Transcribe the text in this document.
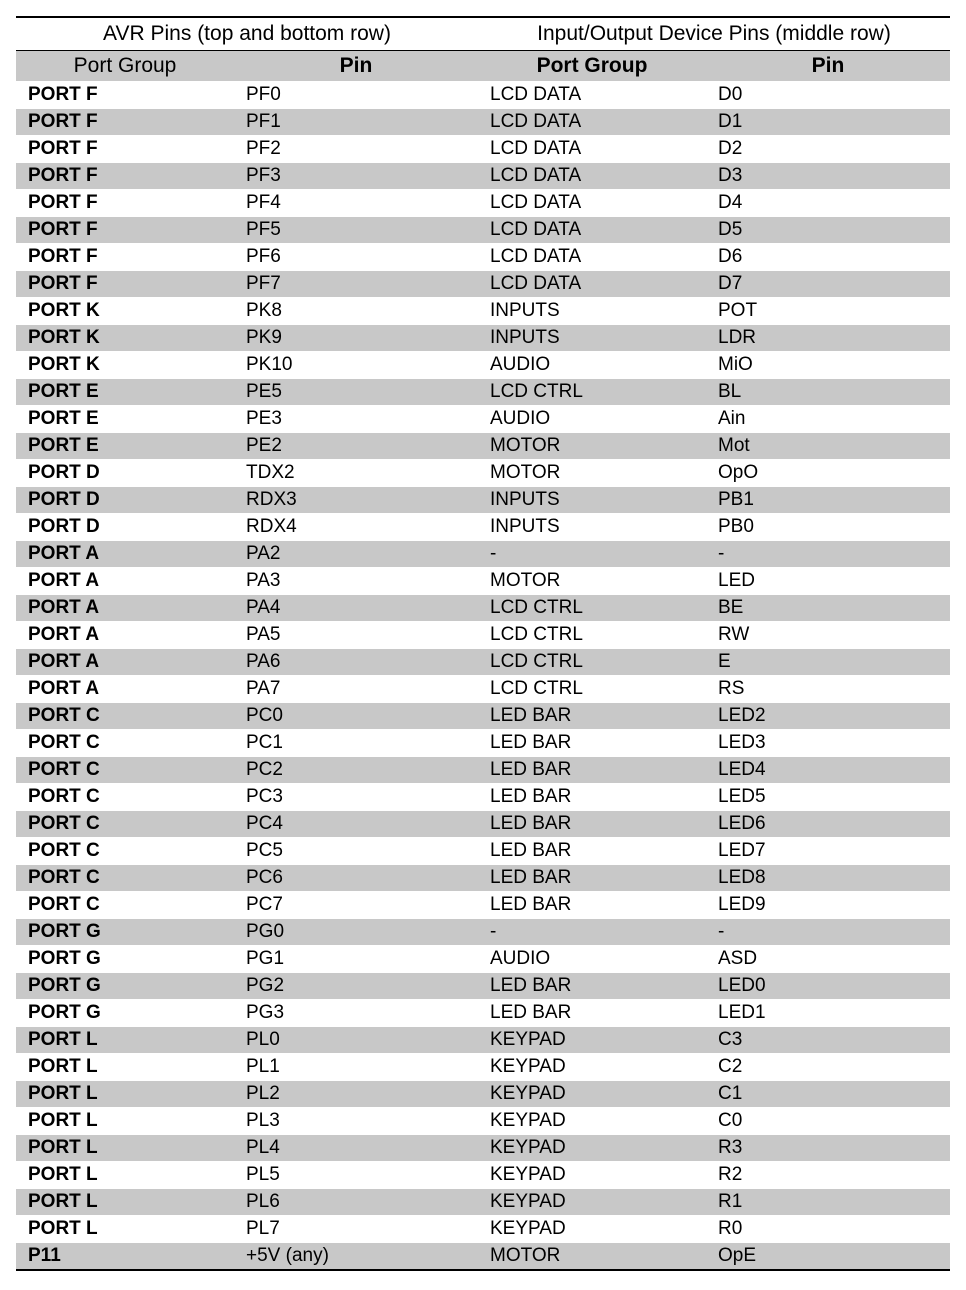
AVR Pins (top and bottom row)		Input/Output Device Pins (middle row)	
Port Group	Pin	Port Group	Pin
PORT F	PF0	LCD DATA	D0
PORT F	PF1	LCD DATA	D1
PORT F	PF2	LCD DATA	D2
PORT F	PF3	LCD DATA	D3
PORT F	PF4	LCD DATA	D4
PORT F	PF5	LCD DATA	D5
PORT F	PF6	LCD DATA	D6
PORT F	PF7	LCD DATA	D7
PORT K	PK8	INPUTS	POT
PORT K	PK9	INPUTS	LDR
PORT K	PK10	AUDIO	MiO
PORT E	PE5	LCD CTRL	BL
PORT E	PE3	AUDIO	Ain
PORT E	PE2	MOTOR	Mot
PORT D	TDX2	MOTOR	OpO
PORT D	RDX3	INPUTS	PB1
PORT D	RDX4	INPUTS	PB0
PORT A	PA2	-	-
PORT A	PA3	MOTOR	LED
PORT A	PA4	LCD CTRL	BE
PORT A	PA5	LCD CTRL	RW
PORT A	PA6	LCD CTRL	E
PORT A	PA7	LCD CTRL	RS
PORT C	PC0	LED BAR	LED2
PORT C	PC1	LED BAR	LED3
PORT C	PC2	LED BAR	LED4
PORT C	PC3	LED BAR	LED5
PORT C	PC4	LED BAR	LED6
PORT C	PC5	LED BAR	LED7
PORT C	PC6	LED BAR	LED8
PORT C	PC7	LED BAR	LED9
PORT G	PG0	-	-
PORT G	PG1	AUDIO	ASD
PORT G	PG2	LED BAR	LED0
PORT G	PG3	LED BAR	LED1
PORT L	PL0	KEYPAD	C3
PORT L	PL1	KEYPAD	C2
PORT L	PL2	KEYPAD	C1
PORT L	PL3	KEYPAD	C0
PORT L	PL4	KEYPAD	R3
PORT L	PL5	KEYPAD	R2
PORT L	PL6	KEYPAD	R1
PORT L	PL7	KEYPAD	R0
P11	+5V (any)	MOTOR	OpE
